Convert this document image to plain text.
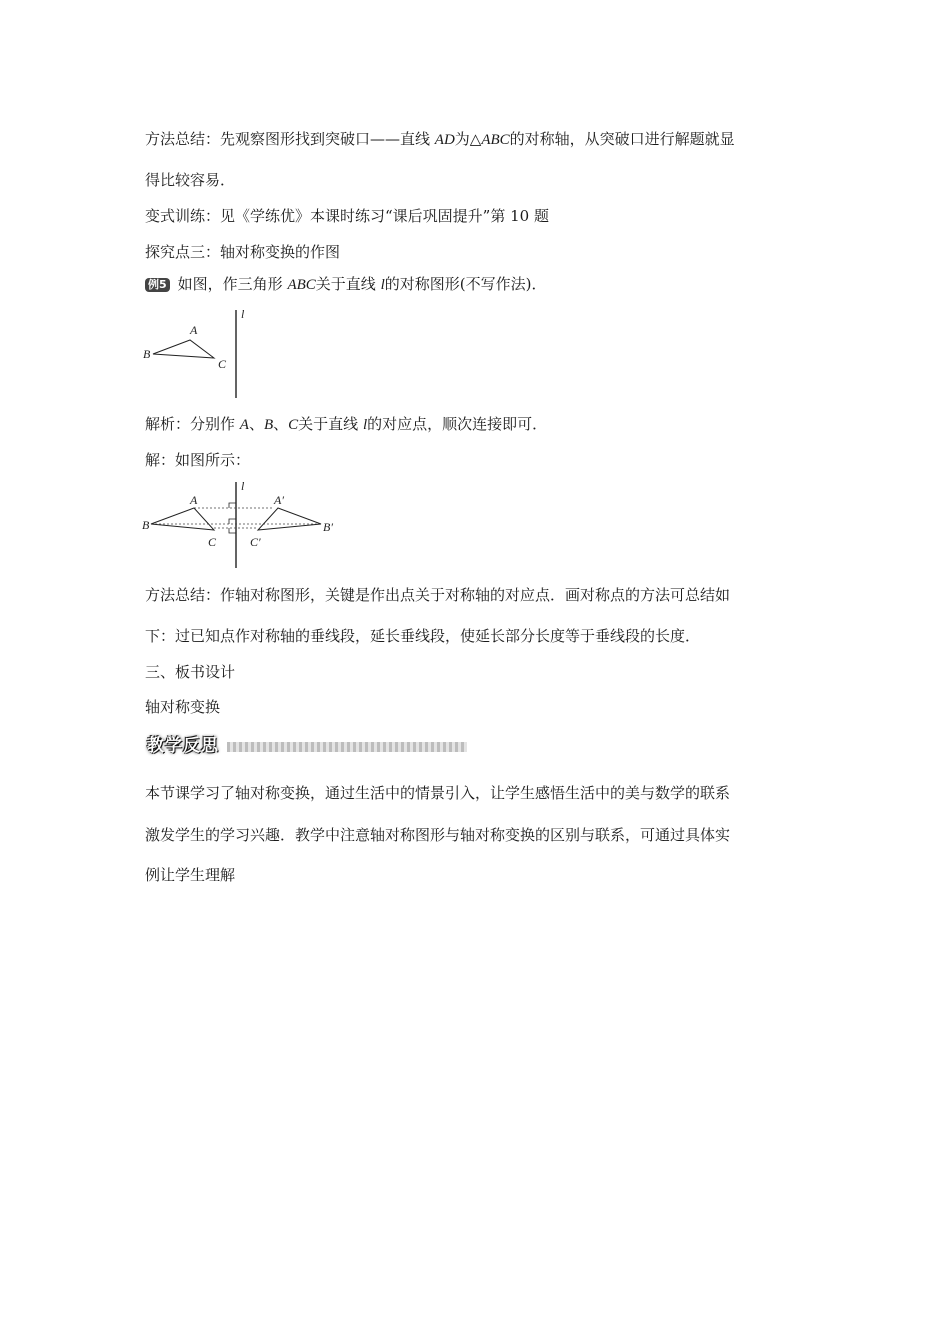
方法总结：先观察图形找到突破口——直线 AD为△ABC的对称轴，从突破口进行解题就显
得比较容易．
变式训练：见《学练优》本课时练习“课后巩固提升”第 10 题
探究点三：轴对称变换的作图
例5 如图，作三角形 ABC关于直线 l的对称图形(不写作法)．
A
B
C
l
解析：分别作 A、B、C关于直线 l的对应点，顺次连接即可．
解：如图所示：
A
B
C
A′
B′
C′
l
方法总结：作轴对称图形，关键是作出点关于对称轴的对应点．画对称点的方法可总结如
下：过已知点作对称轴的垂线段，延长垂线段，使延长部分长度等于垂线段的长度．
三、板书设计
轴对称变换
教学反思
本节课学习了轴对称变换，通过生活中的情景引入，让学生感悟生活中的美与数学的联系
激发学生的学习兴趣．教学中注意轴对称图形与轴对称变换的区别与联系，可通过具体实
例让学生理解
